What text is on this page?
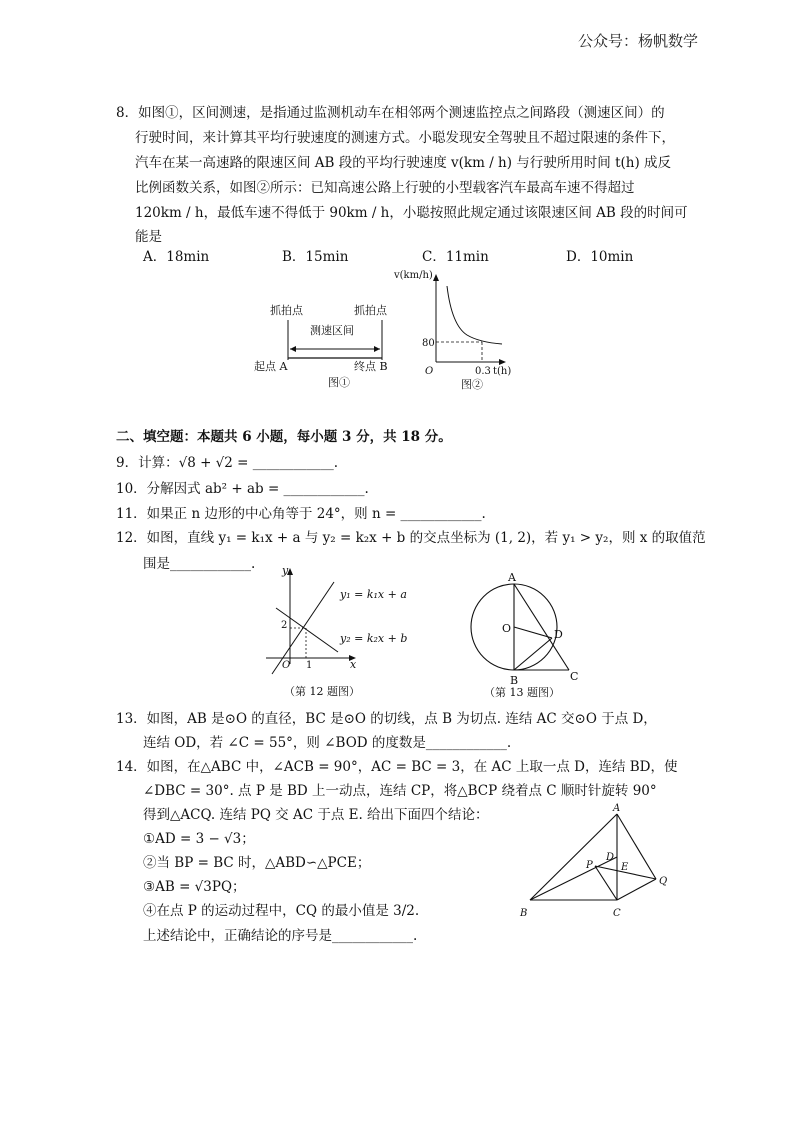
公众号：杨帆数学
8．如图①，区间测速，是指通过监测机动车在相邻两个测速监控点之间路段（测速区间）的
行驶时间，来计算其平均行驶速度的测速方式。小聪发现安全驾驶且不超过限速的条件下，
汽车在某一高速路的限速区间 AB 段的平均行驶速度 v(km / h) 与行驶所用时间 t(h) 成反
比例函数关系，如图②所示：已知高速公路上行驶的小型载客汽车最高车速不得超过
120km / h，最低车速不得低于 90km / h，小聪按照此规定通过该限速区间 AB 段的时间可
能是
A．18min	B．15min	C．11min	D．10min
抓拍点	抓拍点
测速区间
起点 A	终点 B
图①
v(km/h)
80
O	0.3 t(h)
图②
二、填空题：本题共 6 小题，每小题 3 分，共 18 分。
9．计算：√8 + √2 = ____________.
10．分解因式 ab² + ab = ____________.
11．如果正 n 边形的中心角等于 24°，则 n = ____________.
12．如图，直线 y₁ = k₁x + a 与 y₂ = k₂x + b 的交点坐标为 (1, 2)，若 y₁ > y₂，则 x 的取值范
围是____________. y
x
O
2
1
y₁ = k₁x + a
y₂ = k₂x + b
（第 12 题图）
A
O	D
B	C
（第 13 题图）
13．如图，AB 是⊙O 的直径，BC 是⊙O 的切线，点 B 为切点. 连结 AC 交⊙O 于点 D，
连结 OD，若 ∠C = 55°，则 ∠BOD 的度数是____________.
14．如图，在△ABC 中，∠ACB = 90°，AC = BC = 3，在 AC 上取一点 D，连结 BD，使
∠DBC = 30°. 点 P 是 BD 上一动点，连结 CP，将△BCP 绕着点 C 顺时针旋转 90°
得到△ACQ. 连结 PQ 交 AC 于点 E. 给出下面四个结论：
①AD = 3 − √3；
②当 BP = BC 时，△ABD∽△PCE；
③AB = √3PQ；
④在点 P 的运动过程中，CQ 的最小值是 3/2.
上述结论中，正确结论的序号是____________.
A
B	C
D
P	E
Q
